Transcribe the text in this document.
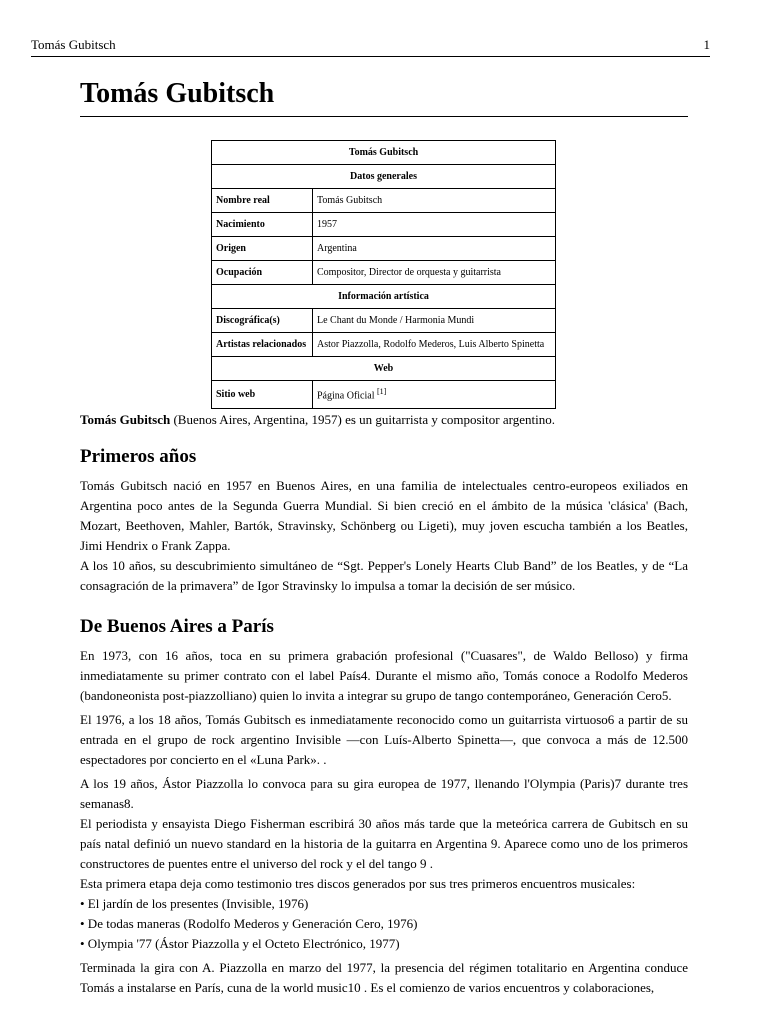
Tomás Gubitsch	1
Tomás Gubitsch
Tomás Gubitsch	
Datos generales	
Nombre real	Tomás Gubitsch
Nacimiento	1957
Origen	Argentina
Ocupación	Compositor, Director de orquesta y guitarrista
Información artística	
Discográfica(s)	Le Chant du Monde / Harmonia Mundi
Artistas relacionados	Astor Piazzolla, Rodolfo Mederos, Luis Alberto Spinetta
Web	
Sitio web	Página Oficial [1]

Tomás Gubitsch (Buenos Aires, Argentina, 1957) es un guitarrista y compositor argentino.

Primeros años

Tomás Gubitsch nació en 1957 en Buenos Aires, en una familia de intelectuales centro-europeos exiliados en Argentina poco antes de la Segunda Guerra Mundial. Si bien creció en el ámbito de la música 'clásica' (Bach, Mozart, Beethoven, Mahler, Bartók, Stravinsky, Schönberg ou Ligeti), muy joven escucha también a los Beatles, Jimi Hendrix o Frank Zappa.

A los 10 años, su descubrimiento simultáneo de “Sgt. Pepper's Lonely Hearts Club Band” de los Beatles, y de “La consagración de la primavera” de Igor Stravinsky lo impulsa a tomar la decisión de ser músico.

De Buenos Aires a París

En 1973, con 16 años, toca en su primera grabación profesional ("Cuasares", de Waldo Belloso) y firma inmediatamente su primer contrato con el label País4. Durante el mismo año, Tomás conoce a Rodolfo Mederos (bandoneonista post-piazzolliano) quien lo invita a integrar su grupo de tango contemporáneo, Generación Cero5.

El 1976, a los 18 años, Tomás Gubitsch es inmediatamente reconocido como un guitarrista virtuoso6 a partir de su entrada en el grupo de rock argentino Invisible —con Luís-Alberto Spinetta—, que convoca a más de 12.500 espectadores por concierto en el «Luna Park». .

A los 19 años, Ástor Piazzolla lo convoca para su gira europea de 1977, llenando l'Olympia (Paris)7 durante tres semanas8.

El periodista y ensayista Diego Fisherman escribirá 30 años más tarde que la meteórica carrera de Gubitsch en su país natal definió un nuevo standard en la historia de la guitarra en Argentina 9. Aparece como uno de los primeros constructores de puentes entre el universo del rock y el del tango 9 .

Esta primera etapa deja como testimonio tres discos generados por sus tres primeros encuentros musicales:

• El jardín de los presentes (Invisible, 1976)

• De todas maneras (Rodolfo Mederos y Generación Cero, 1976)

• Olympia '77 (Ástor Piazzolla y el Octeto Electrónico, 1977)

Terminada la gira con A. Piazzolla en marzo del 1977, la presencia del régimen totalitario en Argentina conduce Tomás a instalarse en París, cuna de la world music10 . Es el comienzo de varios encuentros y colaboraciones,
